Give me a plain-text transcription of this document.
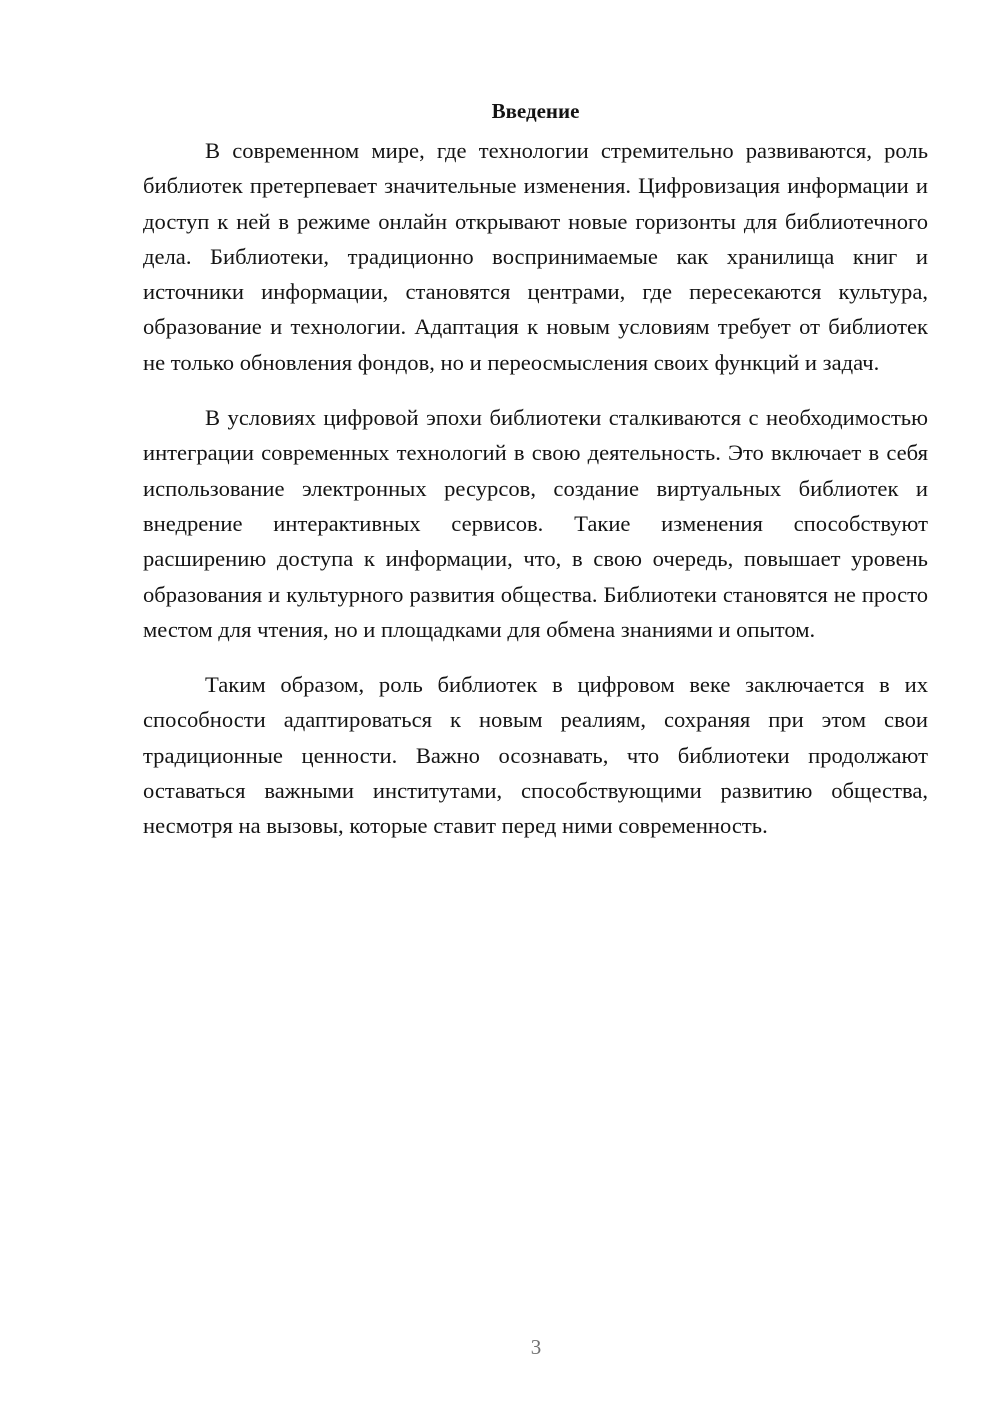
Введение

В современном мире, где технологии стремительно развиваются, роль библиотек претерпевает значительные изменения. Цифровизация информации и доступ к ней в режиме онлайн открывают новые горизонты для библиотечного дела. Библиотеки, традиционно воспринимаемые как хранилища книг и источники информации, становятся центрами, где пересекаются культура, образование и технологии. Адаптация к новым условиям требует от библиотек не только обновления фондов, но и переосмысления своих функций и задач.

В условиях цифровой эпохи библиотеки сталкиваются с необходимостью интеграции современных технологий в свою деятельность. Это включает в себя использование электронных ресурсов, создание виртуальных библиотек и внедрение интерактивных сервисов. Такие изменения способствуют расширению доступа к информации, что, в свою очередь, повышает уровень образования и культурного развития общества. Библиотеки становятся не просто местом для чтения, но и площадками для обмена знаниями и опытом.

Таким образом, роль библиотек в цифровом веке заключается в их способности адаптироваться к новым реалиям, сохраняя при этом свои традиционные ценности. Важно осознавать, что библиотеки продолжают оставаться важными институтами, способствующими развитию общества, несмотря на вызовы, которые ставит перед ними современность.

3
